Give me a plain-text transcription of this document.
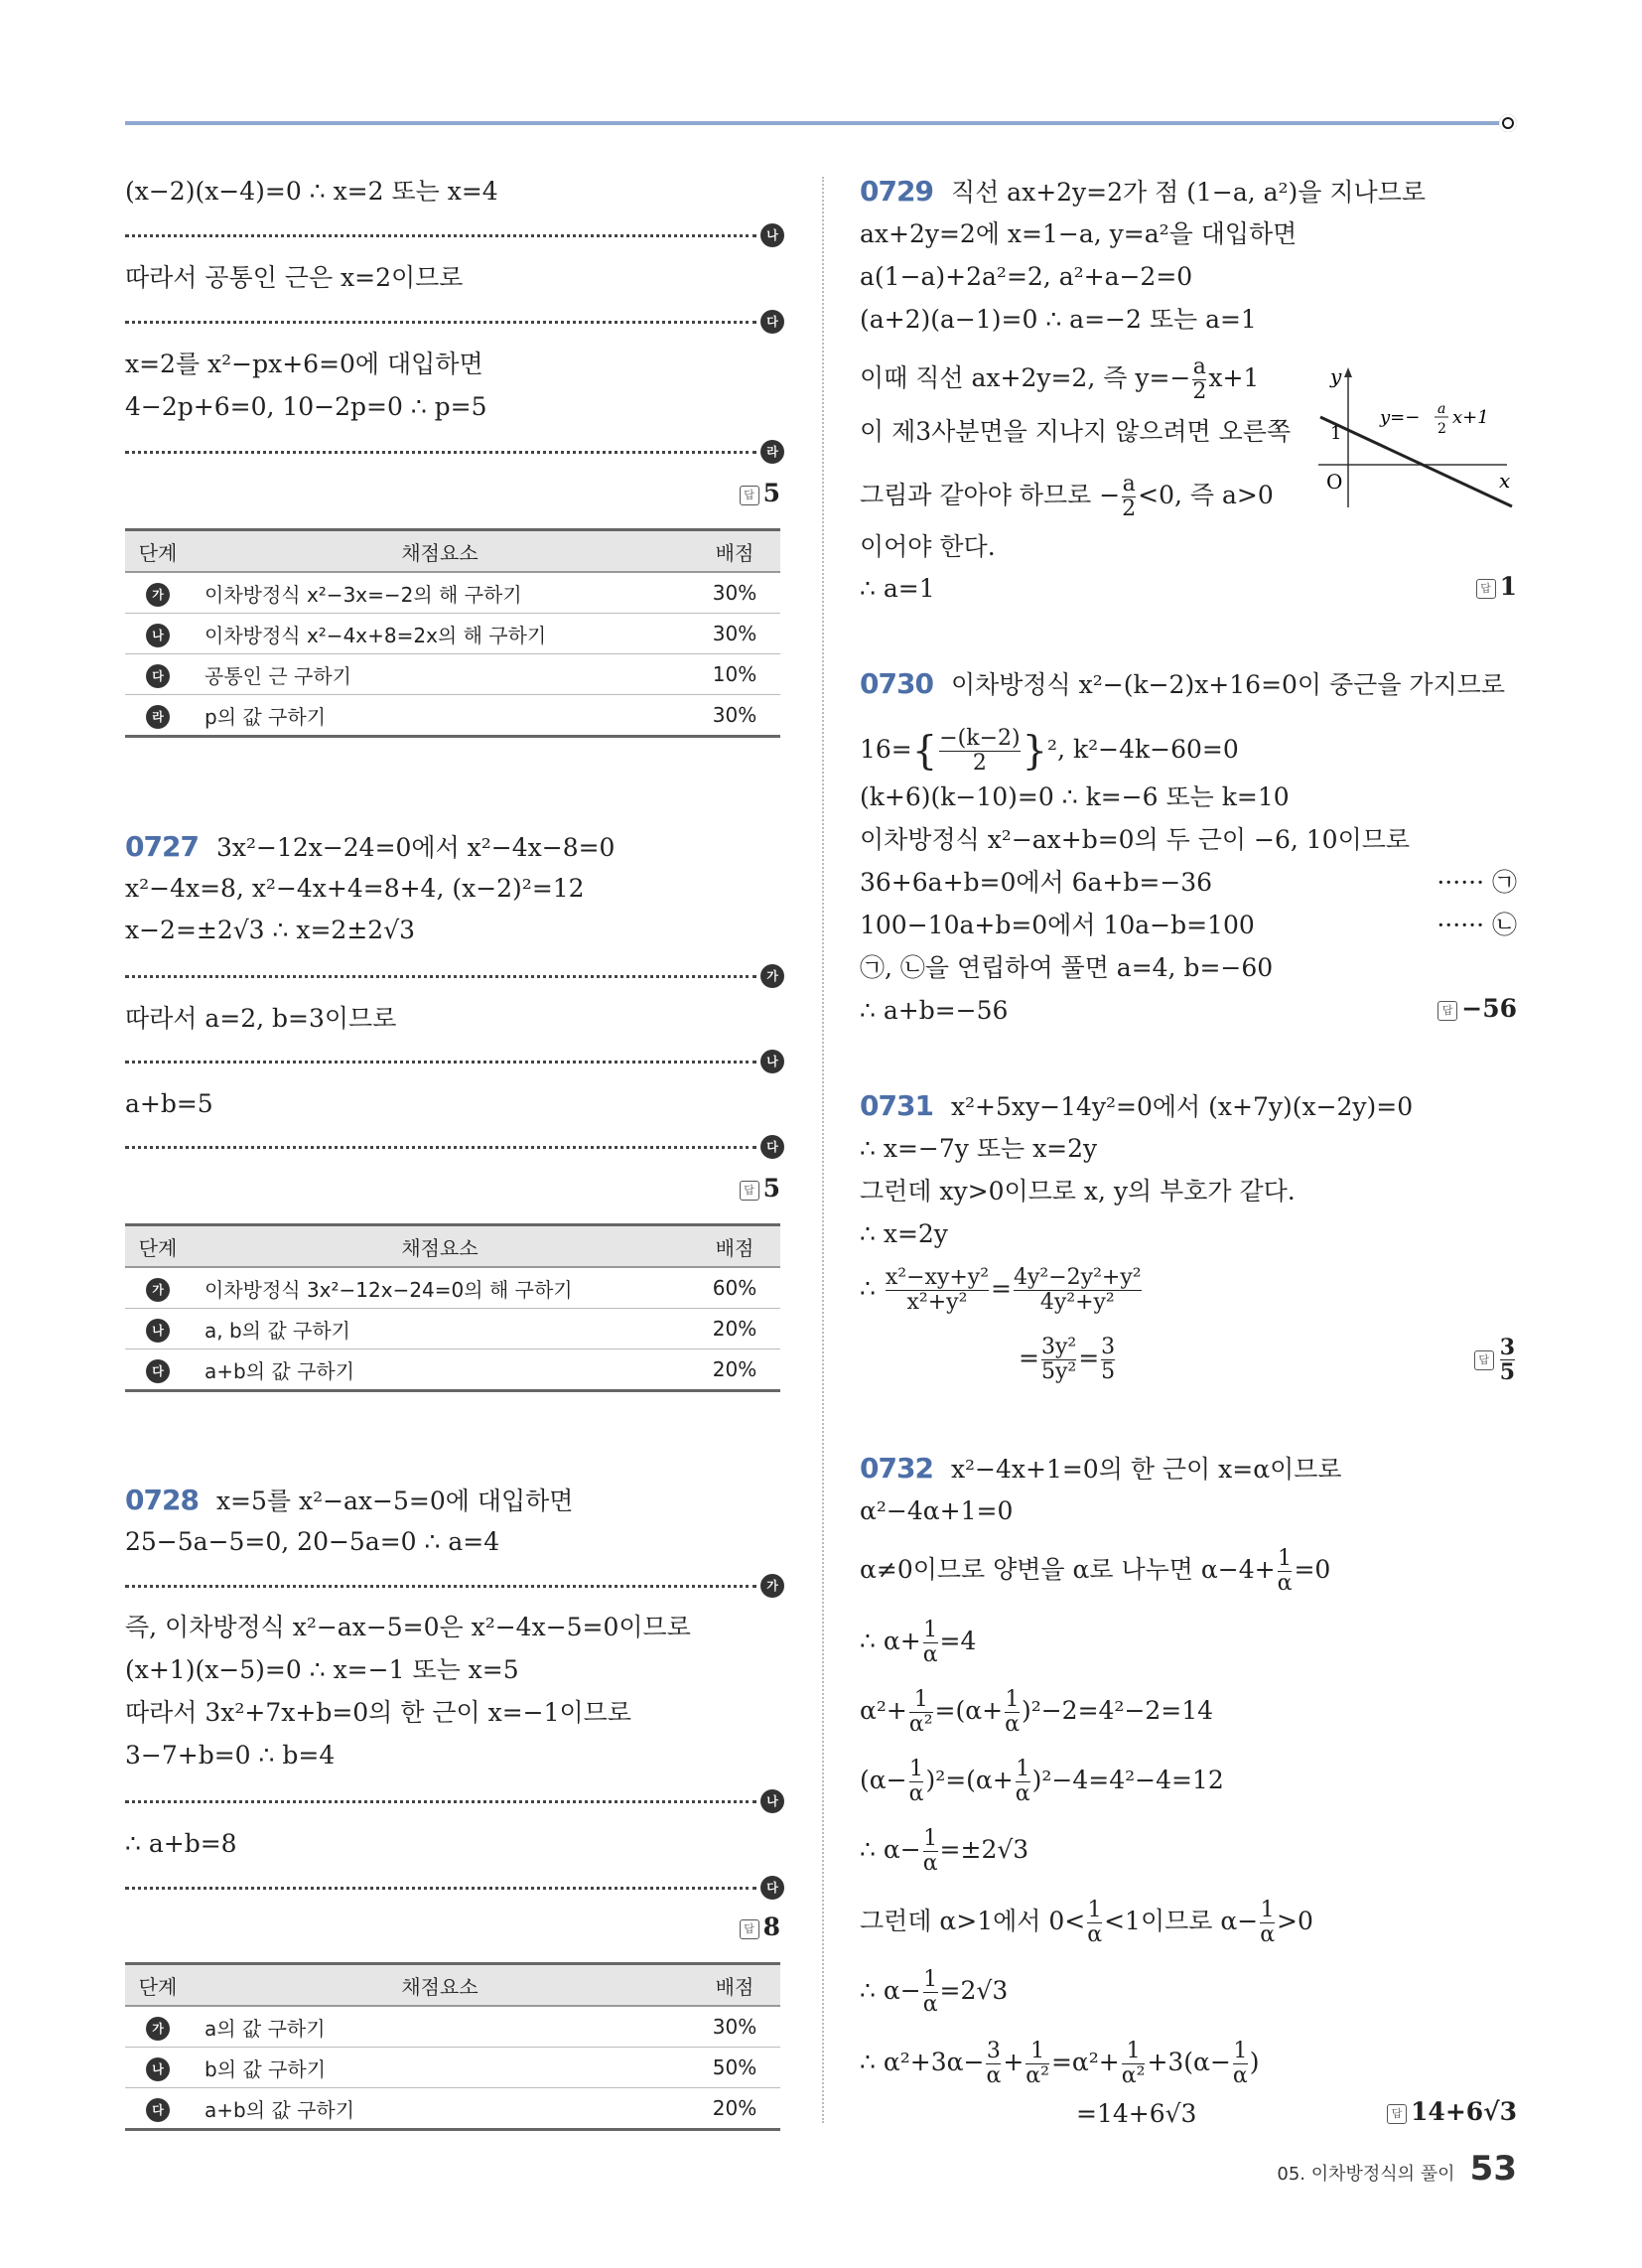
(x−2)(x−4)=0 ∴ x=2 또는 x=4
나
따라서 공통인 근은 x=2이므로
다
x=2를 x²−px+6=0에 대입하면
4−2p+6=0, 10−2p=0 ∴ p=5
라
답 5
단계	채점요소	배점
가	이차방정식 x²−3x=−2의 해 구하기	30%
나	이차방정식 x²−4x+8=2x의 해 구하기	30%
다	공통인 근 구하기	10%
라	p의 값 구하기	30%
0727 3x²−12x−24=0에서 x²−4x−8=0
x²−4x=8, x²−4x+4=8+4, (x−2)²=12
x−2=±2√3 ∴ x=2±2√3
가
따라서 a=2, b=3이므로
나
a+b=5
다
답 5
단계	채점요소	배점
가	이차방정식 3x²−12x−24=0의 해 구하기	60%
나	a, b의 값 구하기	20%
다	a+b의 값 구하기	20%
0728 x=5를 x²−ax−5=0에 대입하면
25−5a−5=0, 20−5a=0 ∴ a=4
가
즉, 이차방정식 x²−ax−5=0은 x²−4x−5=0이므로
(x+1)(x−5)=0 ∴ x=−1 또는 x=5
따라서 3x²+7x+b=0의 한 근이 x=−1이므로
3−7+b=0 ∴ b=4
나
∴ a+b=8
다
답 8
단계	채점요소	배점
가	a의 값 구하기	30%
나	b의 값 구하기	50%
다	a+b의 값 구하기	20%
0729 직선 ax+2y=2가 점 (1−a, a²)을 지나므로
ax+2y=2에 x=1−a, y=a²을 대입하면
a(1−a)+2a²=2, a²+a−2=0
(a+2)(a−1)=0 ∴ a=−2 또는 a=1
이때 직선 ax+2y=2, 즉 $y=- \frac{a}{2} x+1$
이 제3사분면을 지나지 않으려면 오른쪽
그림과 같아야 하므로 − $\frac{a}{2} <0$, 즉 a>0
이어야 한다.
∴ a=1	답 1
y
x
O
1
y=− a
2
x+1
0730 이차방정식 x²−(k−2)x+16=0이 중근을 가지므로
$16=\{ \frac{-(k-2)}{2} \}^2$, k²−4k−60=0
(k+6)(k−10)=0 ∴ k=−6 또는 k=10
이차방정식 x²−ax+b=0의 두 근이 −6, 10이므로
36+6a+b=0에서 6a+b=−36	······ ㉠
100−10a+b=0에서 10a−b=100	······ ㉡
㉠, ㉡을 연립하여 풀면 a=4, b=−60
∴ a+b=−56	답 −56
0731 x²+5xy−14y²=0에서 (x+7y)(x−2y)=0
∴ x=−7y 또는 x=2y
그런데 xy>0이므로 x, y의 부호가 같다.
∴ x=2y
∴ $\frac{\text{x²−xy+y²}}{\text{x²+y²}} = \frac{\text{4y²−2y²+y²}}{\text{4y²+y²}}$
= $\frac{\text{3y²}}{\text{5y²}} = \frac{3}{5}$	답 $\frac{3}{5}$
0732 x²−4x+1=0의 한 근이 x=α이므로
α²−4α+1=0
α≠0이므로 양변을 α로 나누면 $\alpha-4+ \frac{1}{\alpha} =0$
∴ $\alpha+ \frac{1}{\alpha} =4$
$\alpha^2+ \frac{1}{\text{α²}} =(\alpha+ \frac{1}{\alpha} )^2-2=4^2-2=14$
$(\alpha- \frac{1}{\alpha} )^2=(\alpha+ \frac{1}{\alpha} )^2-4=4^2-4=12$
∴ $\alpha- \frac{1}{\alpha} =\pm 2√3$
그런데 α>1에서 $0< \frac{1}{\alpha} <1$이므로 $\alpha- \frac{1}{\alpha} >0$
∴ $\alpha- \frac{1}{\alpha} =2√3$
∴ $\alpha^2+3\alpha- \frac{3}{\alpha} + \frac{1}{\text{α²}} =\alpha^2+ \frac{1}{\text{α²}} +3(\alpha- \frac{1}{\alpha}$ )
=14+6√3	답 14+6√3
05. 이차방정식의 풀이 53
